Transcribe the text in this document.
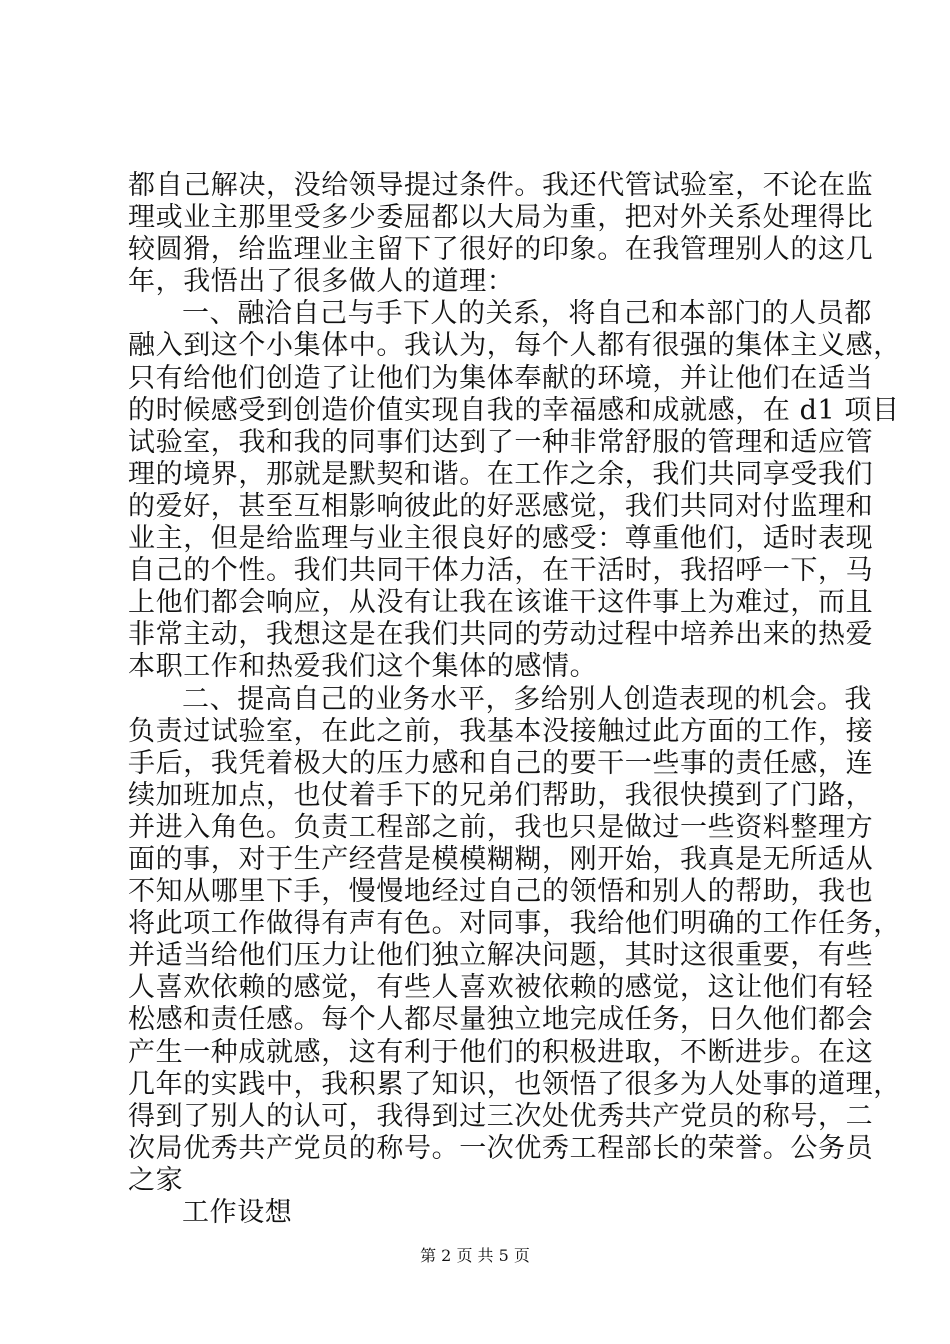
都自己解决，没给领导提过条件。我还代管试验室，不论在监
理或业主那里受多少委屈都以大局为重，把对外关系处理得比
较圆猾，给监理业主留下了很好的印象。在我管理别人的这几
年，我悟出了很多做人的道理：
一、融洽自己与手下人的关系，将自己和本部门的人员都
融入到这个小集体中。我认为，每个人都有很强的集体主义感，
只有给他们创造了让他们为集体奉献的环境，并让他们在适当
的时候感受到创造价值实现自我的幸福感和成就感，在 d1 项目
试验室，我和我的同事们达到了一种非常舒服的管理和适应管
理的境界，那就是默契和谐。在工作之余，我们共同享受我们
的爱好，甚至互相影响彼此的好恶感觉，我们共同对付监理和
业主，但是给监理与业主很良好的感受：尊重他们，适时表现
自己的个性。我们共同干体力活，在干活时，我招呼一下，马
上他们都会响应，从没有让我在该谁干这件事上为难过，而且
非常主动，我想这是在我们共同的劳动过程中培养出来的热爱
本职工作和热爱我们这个集体的感情。
二、提高自己的业务水平，多给别人创造表现的机会。我
负责过试验室，在此之前，我基本没接触过此方面的工作，接
手后，我凭着极大的压力感和自己的要干一些事的责任感，连
续加班加点，也仗着手下的兄弟们帮助，我很快摸到了门路，
并进入角色。负责工程部之前，我也只是做过一些资料整理方
面的事，对于生产经营是模模糊糊，刚开始，我真是无所适从
不知从哪里下手，慢慢地经过自己的领悟和别人的帮助，我也
将此项工作做得有声有色。对同事，我给他们明确的工作任务，
并适当给他们压力让他们独立解决问题，其时这很重要，有些
人喜欢依赖的感觉，有些人喜欢被依赖的感觉，这让他们有轻
松感和责任感。每个人都尽量独立地完成任务，日久他们都会
产生一种成就感，这有利于他们的积极进取，不断进步。在这
几年的实践中，我积累了知识，也领悟了很多为人处事的道理，
得到了别人的认可，我得到过三次处优秀共产党员的称号，二
次局优秀共产党员的称号。一次优秀工程部长的荣誉。公务员
之家
工作设想
第 2 页 共 5 页
